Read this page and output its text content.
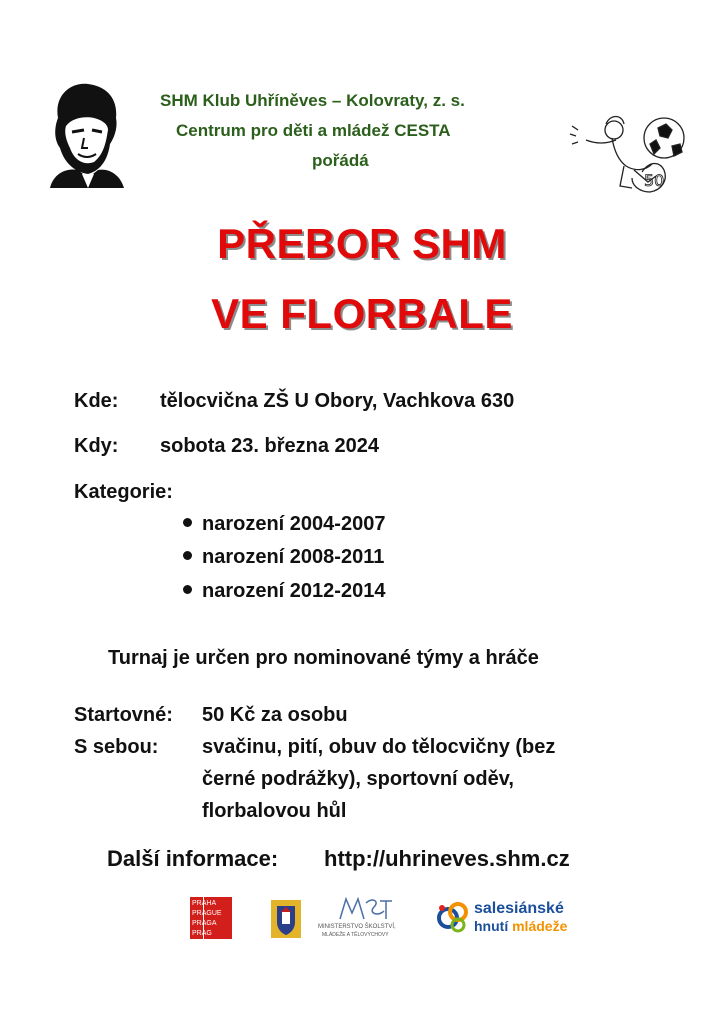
SHM Klub Uhříněves – Kolovraty, z. s.
Centrum pro děti a mládež CESTA
pořádá
50
PŘEBOR SHM
VE FLORBALE
Kde: tělocvična ZŠ U Obory, Vachkova 630
Kdy: sobota 23. března 2024
Kategorie:
narození 2004-2007
narození 2008-2011
narození 2012-2014
Turnaj je určen pro nominované týmy a hráče
Startovné: 50 Kč za osobu
S sebou: svačinu, pití, obuv do tělocvičny (bez
černé podrážky), sportovní oděv,
florbalovou hůl
Další informace: http://uhrineves.shm.cz
PRAHA
PRAGUE
PRAGA
PRAG
MINISTERSTVO ŠKOLSTVÍ,
MLÁDEŽE A TĚLOVÝCHOVY
salesiánské
hnutí mládeže
